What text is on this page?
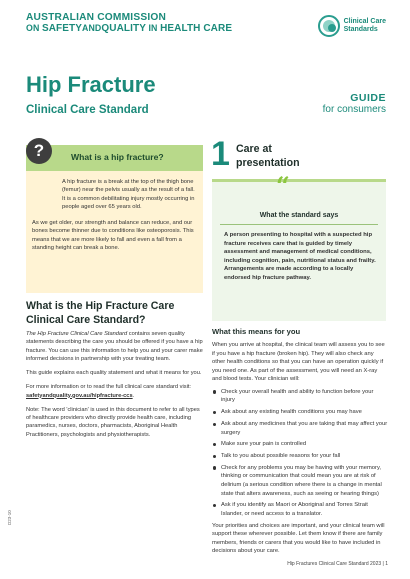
AUSTRALIAN COMMISSION
ON SAFETYANDQUALITY IN HEALTH CARE
Clinical Care
Standards
Hip Fracture
Clinical Care Standard
GUIDE
for consumers
What is a hip fracture?
?
A hip fracture is a break at the top of the thigh bone (femur) near the pelvis usually as the result of a fall. It is a common debilitating injury mostly occurring in people aged over 65 years old.
As we get older, our strength and balance can reduce, and our bones become thinner due to conditions like osteoporosis. This means that we are more likely to fall and even a fall from a standing height can break a bone.
What is the Hip Fracture Care Clinical Care Standard?

The Hip Fracture Clinical Care Standard contains seven quality statements describing the care you should be offered if you have a hip fracture. You can use this information to help you and your carer make informed decisions in partnership with your treating team.

This guide explains each quality statement and what it means for you.

For more information or to read the full clinical care standard visit: safetyandquality.gov.au/hipfracture-ccs.

Note: The word 'clinician' is used in this document to refer to all types of healthcare providers who directly provide health care, including paramedics, nurses, doctors, pharmacists, Aboriginal Health Practitioners, psychologists and physiotherapists.

D23-10
1 Care at
presentation
What the standard says
A person presenting to hospital with a suspected hip fracture receives care that is guided by timely assessment and management of medical conditions, including cognition, pain, nutritional status and frailty. Arrangements are made according to a locally endorsed hip fracture pathway.
“
What this means for you

When you arrive at hospital, the clinical team will assess you to see if you have a hip fracture (broken hip). They will also check any other health conditions so that you can have an operation quickly if you need one. As part of the assessment, you will need an X-ray and blood tests. Your clinician will:

Check your overall health and ability to function before your injury
Ask about any existing health conditions you may have
Ask about any medicines that you are taking that may affect your surgery
Make sure your pain is controlled
Talk to you about possible reasons for your fall
Check for any problems you may be having with your memory, thinking or communication that could mean you are at risk of delirium (a serious condition where there is a change in mental state that alters awareness, such as seeing or hearing things)
Ask if you identify as Maori or Aboriginal and Torres Strait Islander, or need access to a translator.

Your priorities and choices are important, and your clinical team will support these wherever possible. Let them know if there are family members, friends or carers that you would like to have included in decisions about your care.

Hip Fractures Clinical Care Standard 2023 | 1
